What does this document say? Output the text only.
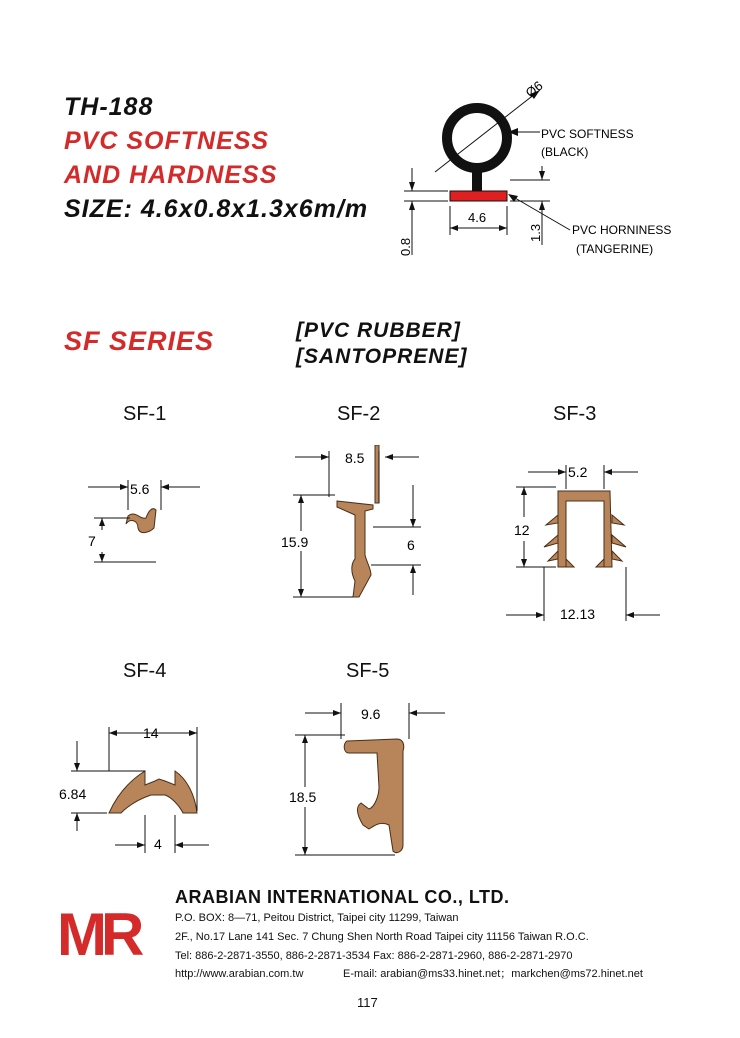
TH-188
PVC SOFTNESS
AND HARDNESS
SIZE: 4.6x0.8x1.3x6m/m
Ø6
PVC SOFTNESS
(BLACK)
4.6
0.8
1.3 PVC HORNINESS
(TANGERINE)
SF SERIES	[PVC RUBBER]
[SANTOPRENE]
SF-1	SF-2	SF-3
SF-4	SF-5
5.6
7
8.5
15.9	6
5.2
12
12.13
14
6.84
4
9.6
18.5
MR
ARABIAN INTERNATIONAL CO., LTD.
P.O. BOX: 8—71, Peitou District, Taipei city 11299, Taiwan
2F., No.17 Lane 141 Sec. 7 Chung Shen North Road Taipei city 11156 Taiwan R.O.C.
Tel: 886-2-2871-3550, 886-2-2871-3534 Fax: 886-2-2871-2960, 886-2-2871-2970
http://www.arabian.com.tw	E-mail: arabian@ms33.hinet.net；markchen@ms72.hinet.net
117
